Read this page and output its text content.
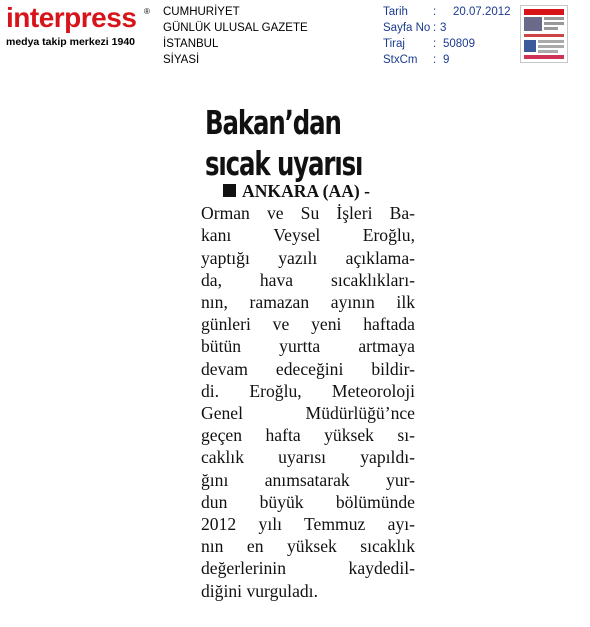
interpress ®
medya takip merkezi 1940
CUMHURİYET
GÜNLÜK ULUSAL GAZETE
İSTANBUL
SİYASİ
Tarih : 20.07.2012
Sayfa No : 3
Tiraj : 50809
StxCm : 9
Bakan’dan
sıcak uyarısı
ANKARA (AA) -
Orman ve Su İşleri Ba-
kanı Veysel Eroğlu,
yaptığı yazılı açıklama-
da, hava sıcaklıkları-
nın, ramazan ayının ilk
günleri ve yeni haftada
bütün yurtta artmaya
devam edeceğini bildir-
di. Eroğlu, Meteoroloji
Genel Müdürlüğü’nce
geçen hafta yüksek sı-
caklık uyarısı yapıldı-
ğını anımsatarak yur-
dun büyük bölümünde
2012 yılı Temmuz ayı-
nın en yüksek sıcaklık
değerlerinin kaydedil-
diğini vurguladı.
